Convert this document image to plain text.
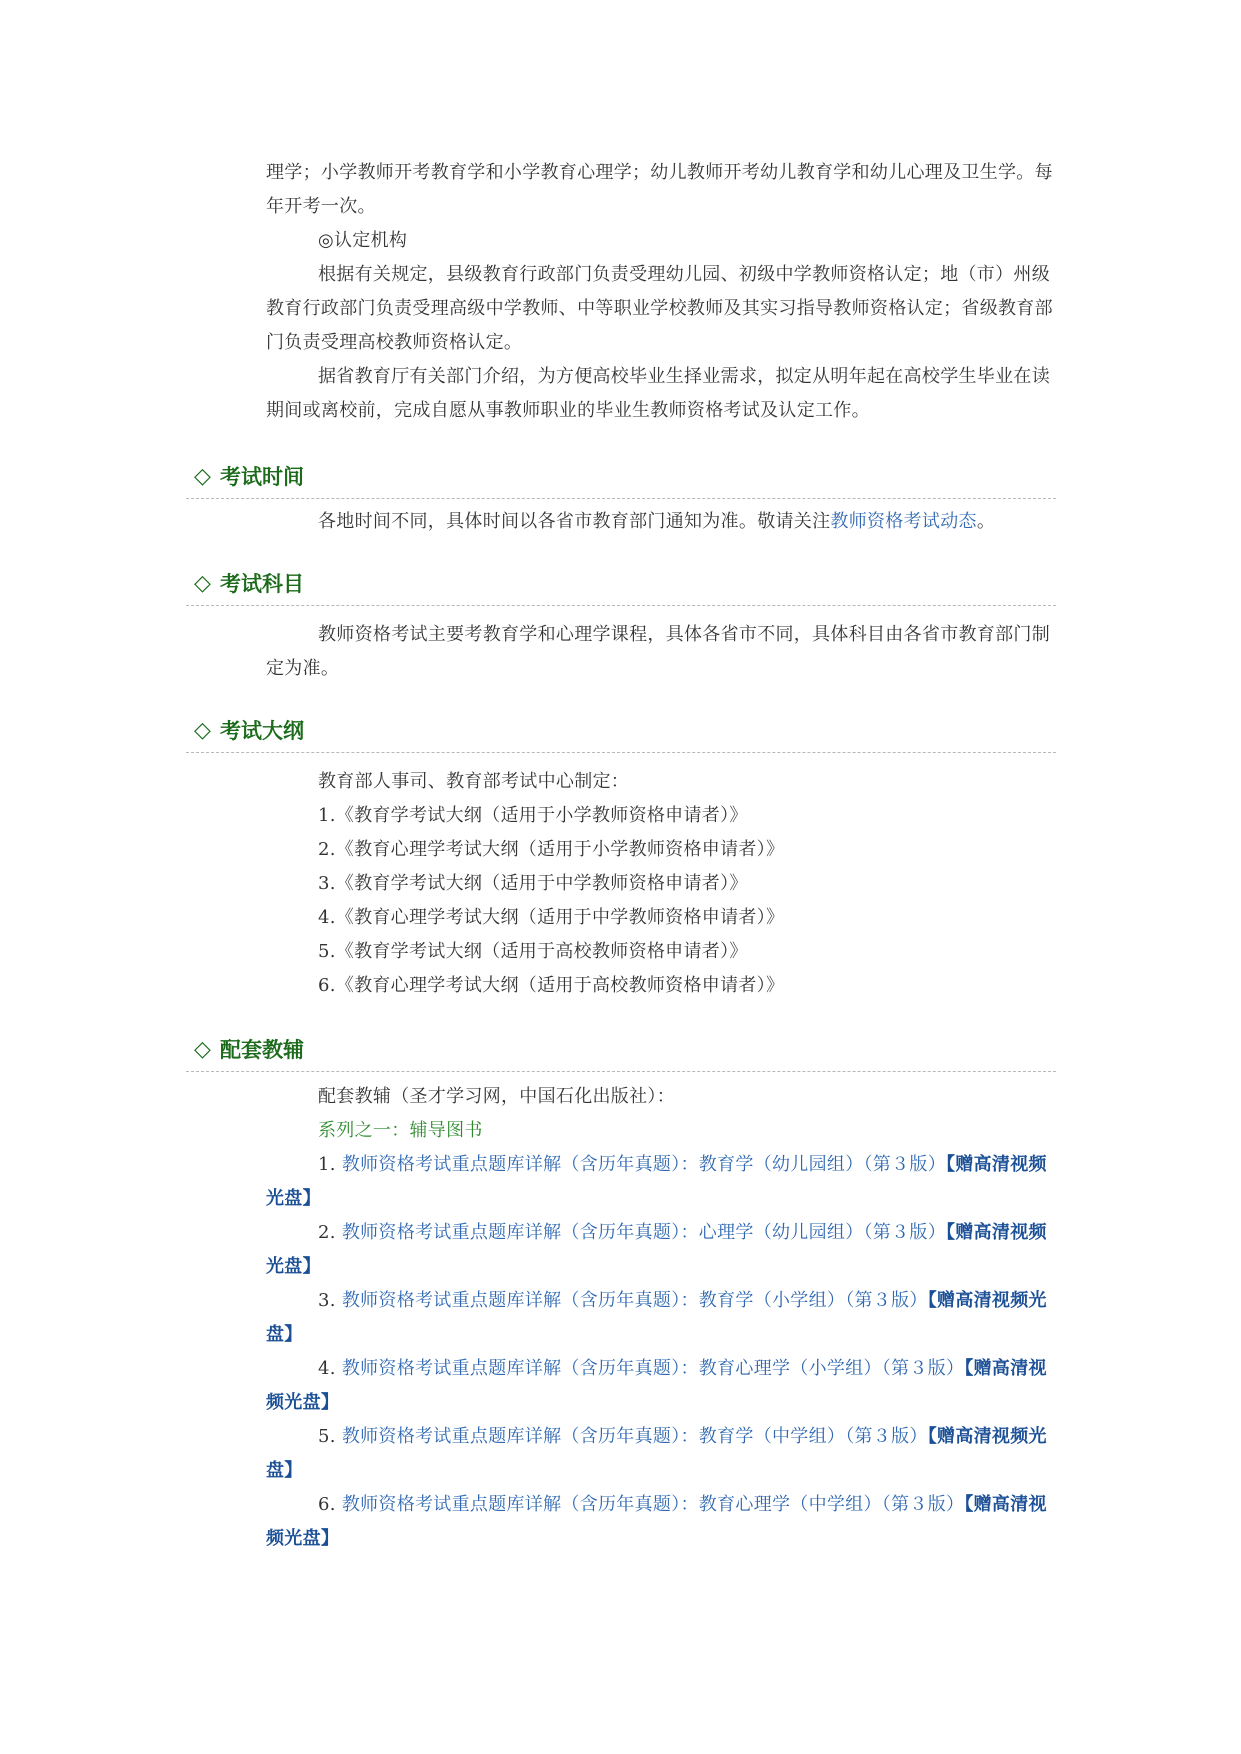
理学；小学教师开考教育学和小学教育心理学；幼儿教师开考幼儿教育学和幼儿心理及卫生学。每年开考一次。

◎认定机构

根据有关规定，县级教育行政部门负责受理幼儿园、初级中学教师资格认定；地（市）州级教育行政部门负责受理高级中学教师、中等职业学校教师及其实习指导教师资格认定；省级教育部门负责受理高校教师资格认定。

据省教育厅有关部门介绍，为方便高校毕业生择业需求，拟定从明年起在高校学生毕业在读期间或离校前，完成自愿从事教师职业的毕业生教师资格考试及认定工作。

◇ 考试时间

各地时间不同，具体时间以各省市教育部门通知为准。敬请关注教师资格考试动态。

◇ 考试科目

教师资格考试主要考教育学和心理学课程，具体各省市不同，具体科目由各省市教育部门制定为准。

◇ 考试大纲

教育部人事司、教育部考试中心制定：

1.《教育学考试大纲（适用于小学教师资格申请者）》

2.《教育心理学考试大纲（适用于小学教师资格申请者）》

3.《教育学考试大纲（适用于中学教师资格申请者）》

4.《教育心理学考试大纲（适用于中学教师资格申请者）》

5.《教育学考试大纲（适用于高校教师资格申请者）》

6.《教育心理学考试大纲（适用于高校教师资格申请者）》

◇ 配套教辅

配套教辅（圣才学习网，中国石化出版社）：

系列之一：辅导图书

1. 教师资格考试重点题库详解（含历年真题）：教育学（幼儿园组）（第３版）【赠高清视频光盘】

2. 教师资格考试重点题库详解（含历年真题）：心理学（幼儿园组）（第３版）【赠高清视频光盘】

3. 教师资格考试重点题库详解（含历年真题）：教育学（小学组）（第３版）【赠高清视频光盘】

4. 教师资格考试重点题库详解（含历年真题）：教育心理学（小学组）（第３版）【赠高清视频光盘】

5. 教师资格考试重点题库详解（含历年真题）：教育学（中学组）（第３版）【赠高清视频光盘】

6. 教师资格考试重点题库详解（含历年真题）：教育心理学（中学组）（第３版）【赠高清视频光盘】
